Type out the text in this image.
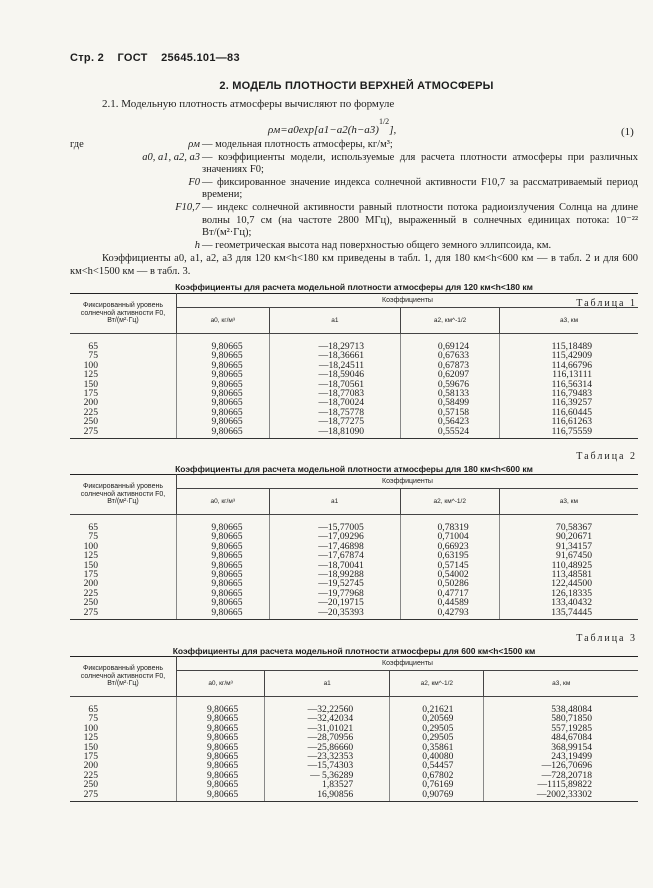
Стр. 2 ГОСТ 25645.101—83
2. МОДЕЛЬ ПЛОТНОСТИ ВЕРХНЕЙ АТМОСФЕРЫ
2.1. Модельную плотность атмосферы вычисляют по формуле
$\rho м=a0\exp[a1-a2(h-a3)^{1/2}]$,	(1)
где	ρм — модельная плотность атмосферы, кг/м³;
a0, a1, a2, a3 — коэффициенты модели, используемые для расчета плотности атмосферы при различных значениях F0;
F0 — фиксированное значение индекса солнечной активности F10,7 за рассматриваемый период времени;
F10,7 — индекс солнечной активности равный плотности потока радиоизлучения Солнца на длине волны 10,7 см (на частоте 2800 МГц), выраженный в солнечных единицах потока: 10⁻²² Вт/(м²·Гц);
h — геометрическая высота над поверхностью общего земного эллипсоида, км.
Коэффициенты a0, a1, a2, a3 для 120 км<h<180 км приведены в табл. 1, для 180 км<h<600 км — в табл. 2 и для 600 км<h<1500 км — в табл. 3.
Таблица 1
Коэффициенты для расчета модельной плотности атмосферы для 120 км<h<180 км
Фиксированный уровень солнечной активности F0, Вт/(м²·Гц)	Коэффициенты			
	a0, кг/м³	a1	a2, км^-1/2	a3, км
65	9,80665	—18,29713	0,69124	115,18489
75	9,80665	—18,36661	0,67633	115,42909
100	9,80665	—18,24511	0,67873	114,66796
125	9,80665	—18,59046	0,62097	116,13111
150	9,80665	—18,70561	0,59676	116,56314
175	9,80665	—18,77083	0,58133	116,79483
200	9,80665	—18,70024	0,58499	116,39257
225	9,80665	—18,75778	0,57158	116,60445
250	9,80665	—18,77275	0,56423	116,61263
275	9,80665	—18,81090	0,55524	116,75559
Таблица 2
Коэффициенты для расчета модельной плотности атмосферы для 180 км<h<600 км
Фиксированный уровень солнечной активности F0, Вт/(м²·Гц)	Коэффициенты			
	a0, кг/м³	a1	a2, км^-1/2	a3, км
65	9,80665	—15,77005	0,78319	70,58367
75	9,80665	—17,09296	0,71004	90,20671
100	9,80665	—17,46898	0,66923	91,34157
125	9,80665	—17,67874	0,63195	91,67450
150	9,80665	—18,70041	0,57145	110,48925
175	9,80665	—18,99288	0,54002	113,48581
200	9,80665	—19,52745	0,50286	122,44500
225	9,80665	—19,77968	0,47717	126,18335
250	9,80665	—20,19715	0,44589	133,40432
275	9,80665	—20,35393	0,42793	135,74445
Таблица 3
Коэффициенты для расчета модельной плотности атмосферы для 600 км<h<1500 км
Фиксированный уровень солнечной активности F0, Вт/(м²·Гц)	Коэффициенты			
	a0, кг/м³	a1	a2, км^-1/2	a3, км
65	9,80665	—32,22560	0,21621	538,48084
75	9,80665	—32,42034	0,20569	580,71850
100	9,80665	—31,01021	0,29505	557,19285
125	9,80665	—28,70956	0,29505	484,67084
150	9,80665	—25,86660	0,35861	368,99154
175	9,80665	—23,32353	0,40080	243,19499
200	9,80665	—15,74303	0,54457	—126,70696
225	9,80665	— 5,36289	0,67802	—728,20718
250	9,80665	1,83527	0,76169	—1115,89822
275	9,80665	16,90856	0,90769	—2002,33302
